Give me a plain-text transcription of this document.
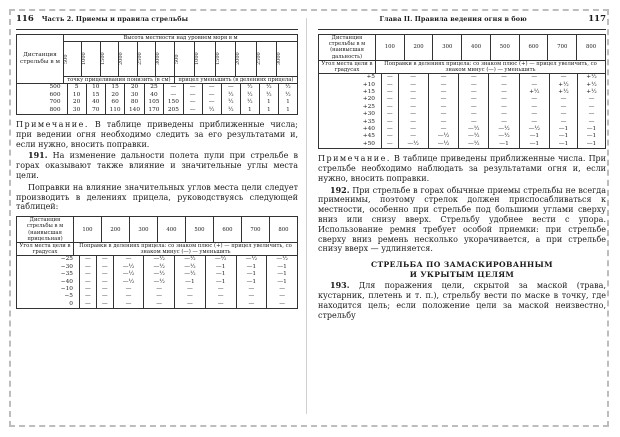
116 Часть 2. Приемы и правила стрельбы
Дистанция стрельбы в м	Высота местности над уровнем моря в м											

	500	1000	1500	2000	2500	3000	500	1000	1500	2000	2500	3000

	точку прицеливания понизить (в см)						прицел уменьшить (в делениях прицела)					
500	5	10	15	20	25	—	—	—	—	½	½	½
600	10	15	20	30	40	—	—	—	½	½	½	½
700	20	40	60	80	105	150	—	—	½	½	1	1
800	30	70	110	140	170	205	—	½	½	1	1	1

Примечание. В таблице приведены приближенные числа; при ведении огня необходимо следить за его результатами и, если нужно, вносить поправки.

191. На изменение дальности полета пули при стрельбе в горах оказывают также влияние и значительные углы места цели.

Поправки на влияние значительных углов места цели следует производить в делениях прицела, руководствуясь следующей таблицей:

Дистанция стрельбы в м (наивысшая прицельная)	100	200	300	400	500	600	700	800
Угол места цели в градусах	Поправки в делениях прицела: со знаком плюс (+) — прицел увеличить, со знаком минус (—) — уменьшить							
−25	—	—	—	—½	—½	—½	—½	—½
−30	—	—	—½	—½	—½	—1	—1	—1
−35	—	—	—½	—½	—½	—1	—1	—1
−40	—	—	—½	—½	—1	—1	—1	—1
−10	—	—	—	—	—	—	—	—
−5	—	—	—	—	—	—	—	—
0	—	—	—	—	—	—	—	—
Глава II. Правила ведения огня в бою	117
Дистанция стрельбы в м (наивысшая дальность)	100	200	300	400	500	600	700	800
Угол места цели в градусах	Поправки в делениях прицела: со знаком плюс (+) — прицел увеличить, со знаком минус (—) — уменьшить							
+5	—	—	—	—	—	—	—	+½
+10	—	—	—	—	—	—	+½	+½
+15	—	—	—	—	—	+½	+½	+½
+20	—	—	—	—	—	—	—	—
+25	—	—	—	—	—	—	—	—
+30	—	—	—	—	—	—	—	—
+35	—	—	—	—	—	—	—	—
+40	—	—	—	—½	—½	—½	—1	—1
+45	—	—	—½	—½	—½	—1	—1	—1
+50	—	—½	—½	—½	—1	—1	—1	—1

Примечание. В таблице приведены приближенные числа. При стрельбе необходимо наблюдать за результатами огня и, если нужно, вносить поправки.

192. При стрельбе в горах обычные приемы стрельбы не всегда применимы, поэтому стрелок должен приспосабливаться к местности, особенно при стрельбе под большими углами сверху вниз или снизу вверх. Стрельбу удобнее вести с упора. Использование ремня требует особой приемки: при стрельбе сверху вниз ремень несколько укорачивается, а при стрельбе снизу вверх — удлиняется.

СТРЕЛЬБА ПО ЗАМАСКИРОВАННЫМ
И УКРЫТЫМ ЦЕЛЯМ

193. Для поражения цели, скрытой за маской (трава, кустарник, плетень и т. п.), стрельбу вести по маске в точку, где находится цель; если положение цели за маской неизвестно, стрельбу
